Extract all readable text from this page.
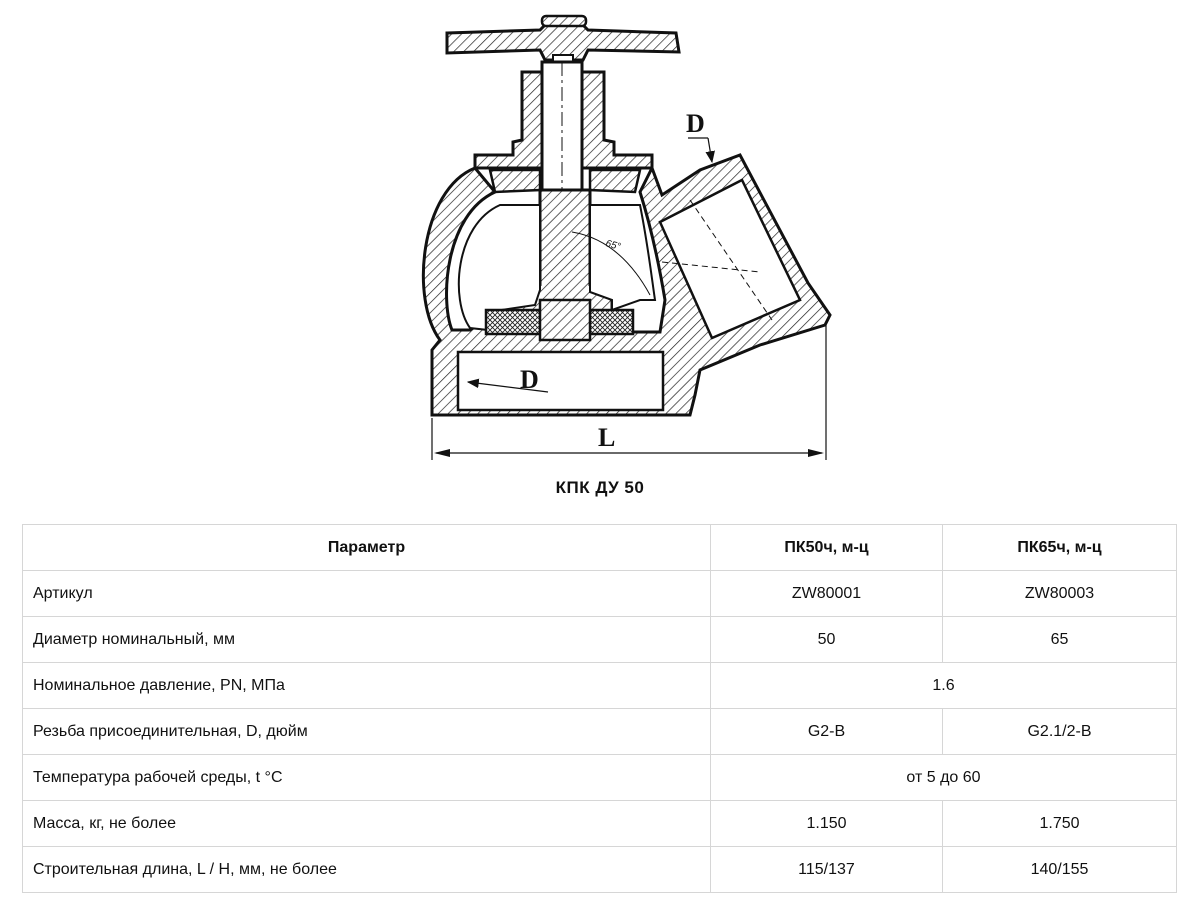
65°
D
D
L
КПК ДУ 50
Параметр	ПК50ч, м-ц	ПК65ч, м-ц
Артикул	ZW80001	ZW80003
Диаметр номинальный, мм	50	65
Номинальное давление, PN, МПа	1.6	
Резьба присоединительная, D, дюйм	G2-B	G2.1/2-B
Температура рабочей среды, t °C	от 5 до 60	
Масса, кг, не более	1.150	1.750
Строительная длина, L / H, мм, не более	115/137	140/155
